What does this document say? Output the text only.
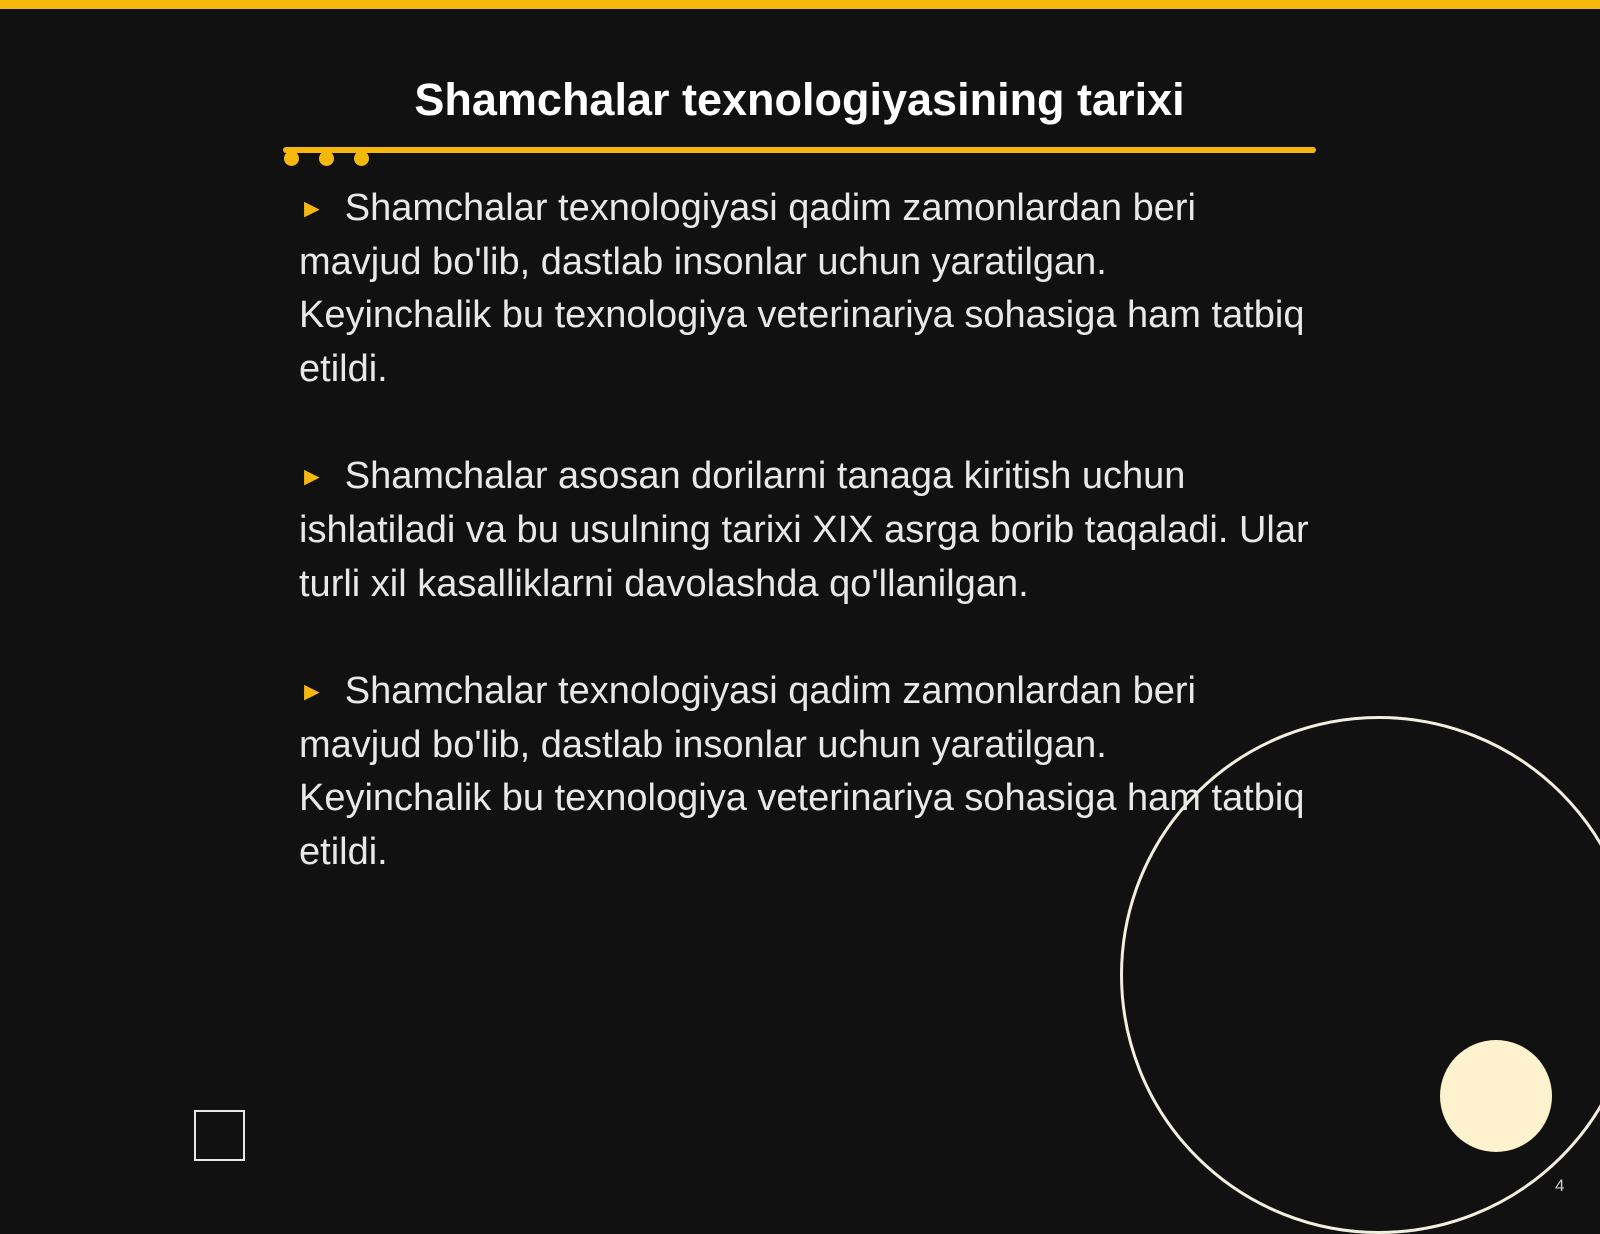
Shamchalar texnologiyasining tarixi

► Shamchalar texnologiyasi qadim zamonlardan beri mavjud bo'lib, dastlab insonlar uchun yaratilgan. Keyinchalik bu texnologiya veterinariya sohasiga ham tatbiq etildi.

► Shamchalar asosan dorilarni tanaga kiritish uchun ishlatiladi va bu usulning tarixi XIX asrga borib taqaladi. Ular turli xil kasalliklarni davolashda qo'llanilgan.

► Shamchalar texnologiyasi qadim zamonlardan beri mavjud bo'lib, dastlab insonlar uchun yaratilgan. Keyinchalik bu texnologiya veterinariya sohasiga ham tatbiq etildi.

4
